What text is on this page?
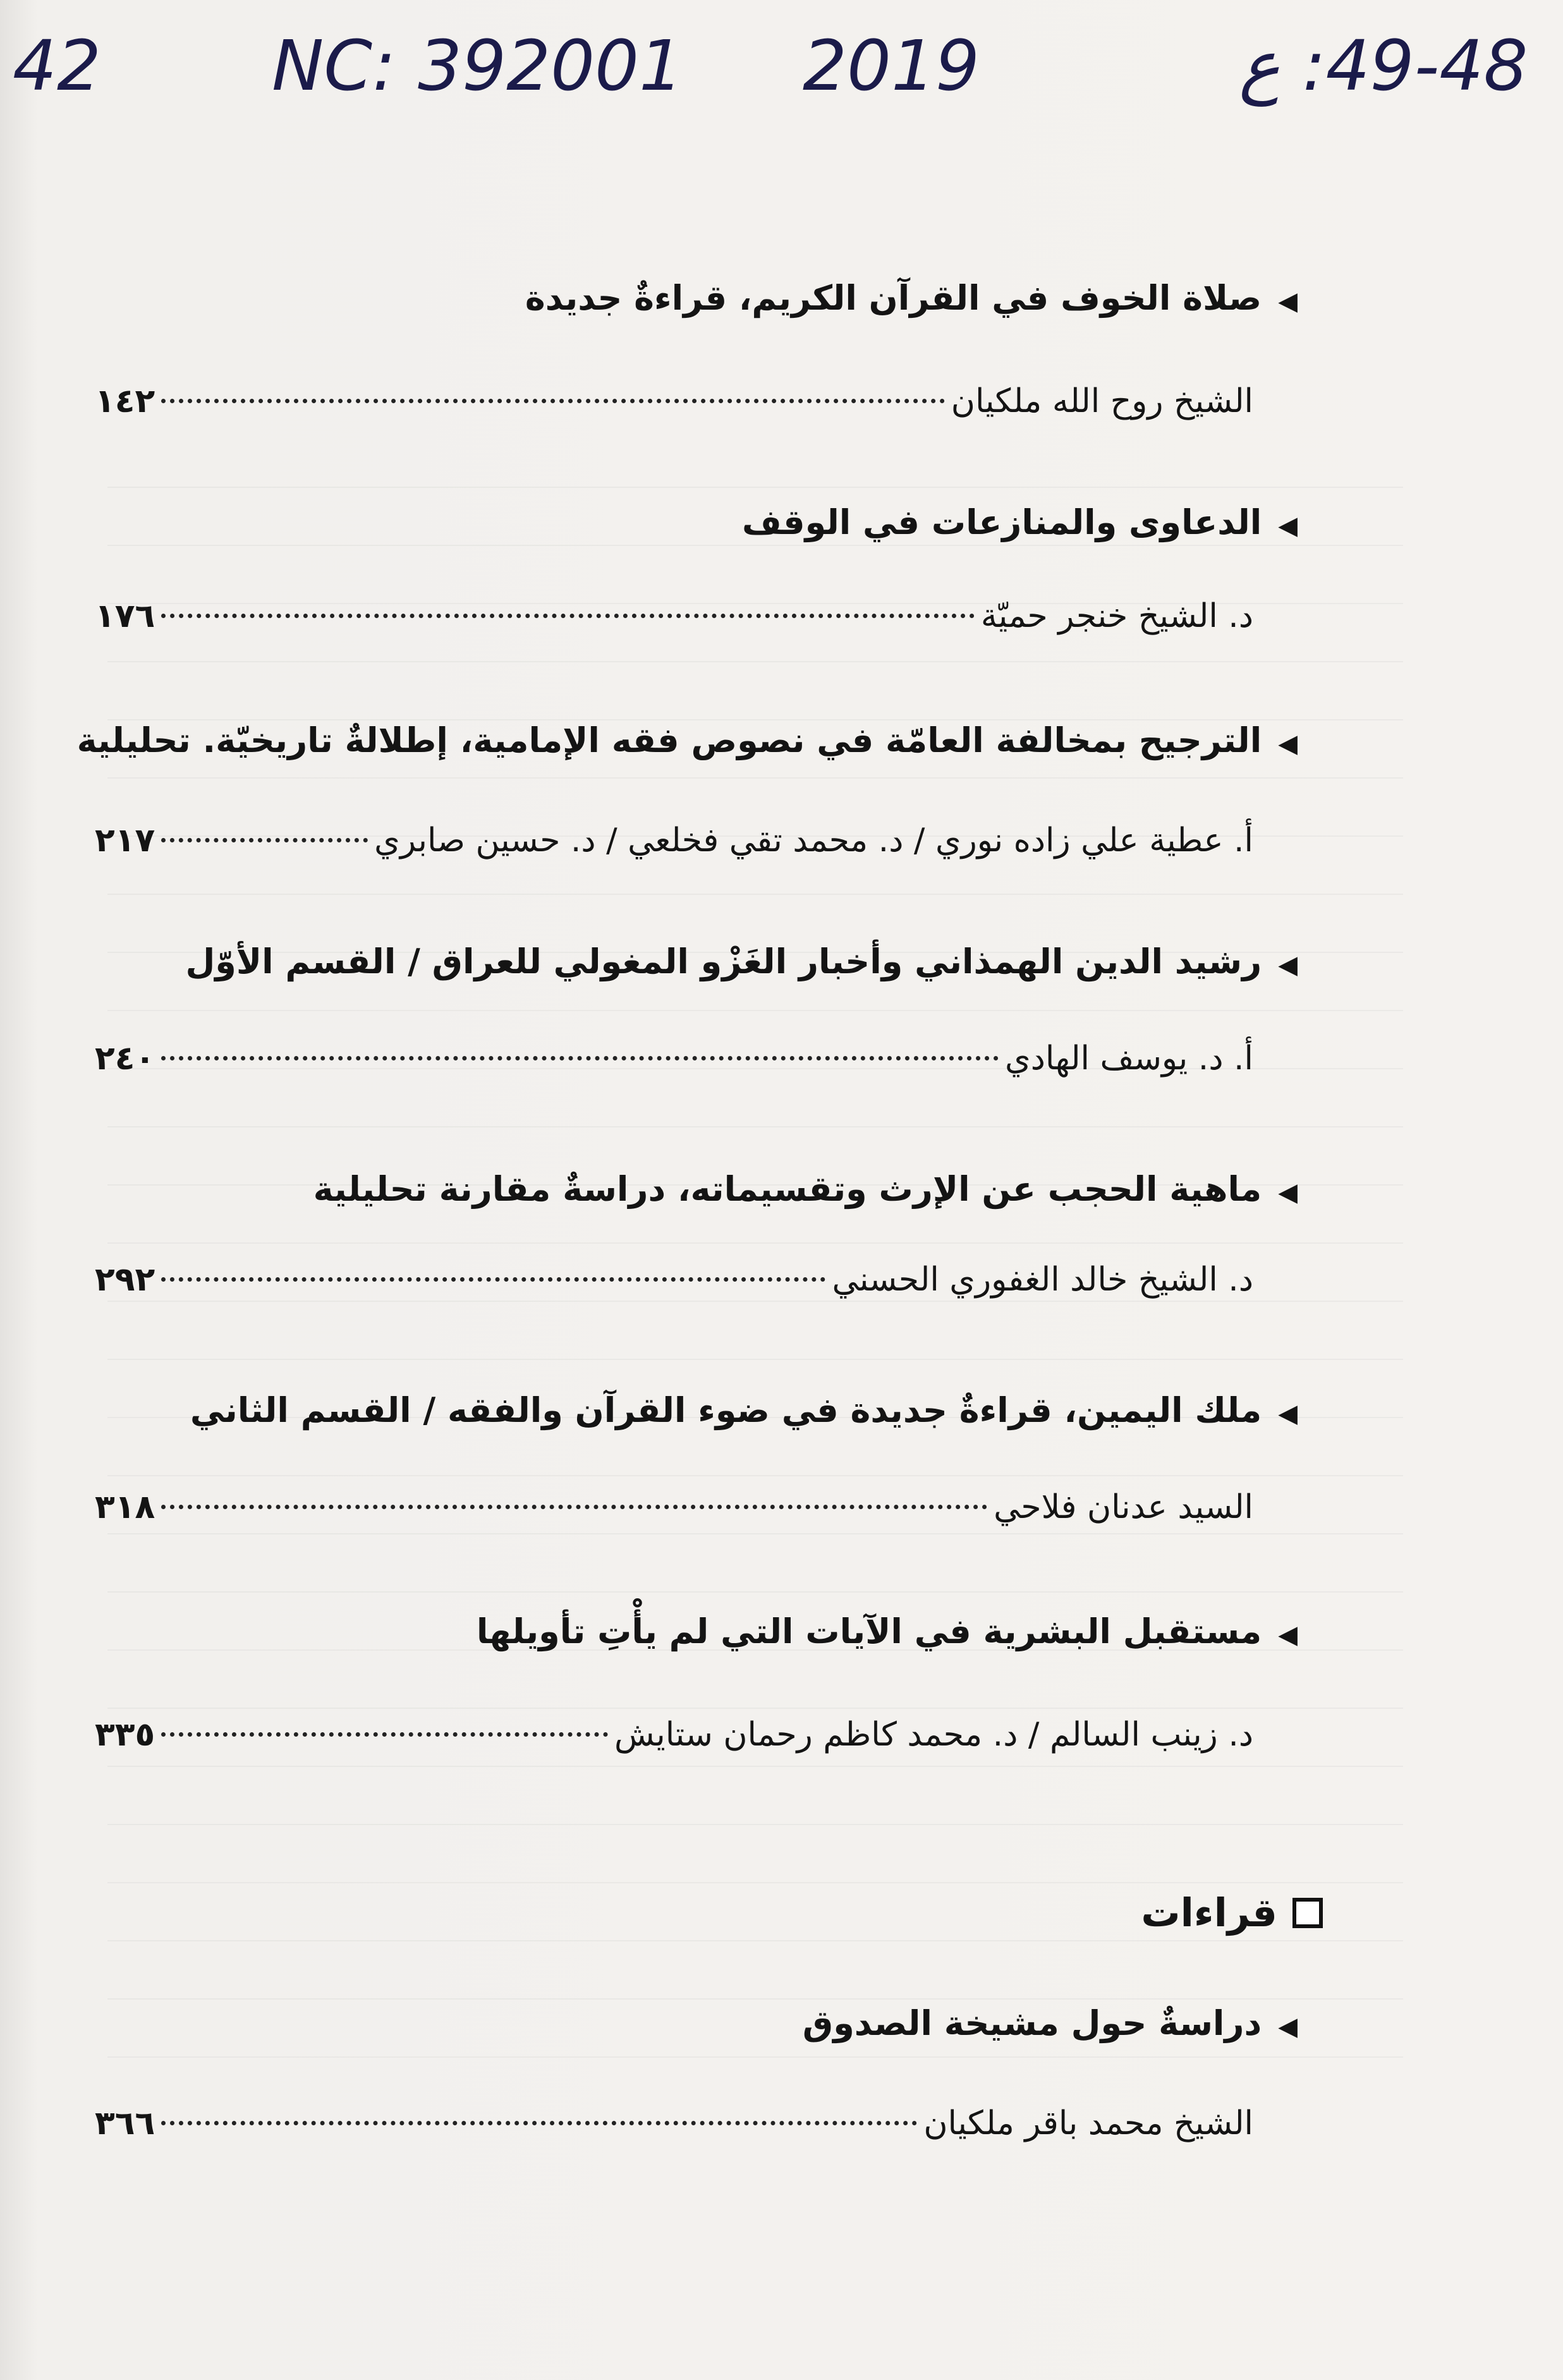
42 NC: 392001 2019	49-48: ع
◀صلاة الخوف في القرآن الكريم، قراءةٌ جديدة
الشيخ روح الله ملكيان
١٤٢
◀الدعاوى والمنازعات في الوقف
د. الشيخ خنجر حميّة
١٧٦
◀الترجيح بمخالفة العامّة في نصوص فقه الإمامية، إطلالةٌ تاريخيّة. تحليلية
أ. عطية علي زاده نوري / د. محمد تقي فخلعي / د. حسين صابري
٢١٧
◀رشيد الدين الهمذاني وأخبار الغَزْو المغولي للعراق / القسم الأوّل
أ. د. يوسف الهادي
٢٤٠
◀ماهية الحجب عن الإرث وتقسيماته، دراسةٌ مقارنة تحليلية
د. الشيخ خالد الغفوري الحسني
٢٩٢
◀ملك اليمين، قراءةٌ جديدة في ضوء القرآن والفقه / القسم الثاني
السيد عدنان فلاحي
٣١٨
◀مستقبل البشرية في الآيات التي لم يأْتِ تأويلها
د. زينب السالم / د. محمد كاظم رحمان ستايش
٣٣٥
قراءات
◀دراسةٌ حول مشيخة الصدوق
الشيخ محمد باقر ملكيان
٣٦٦
